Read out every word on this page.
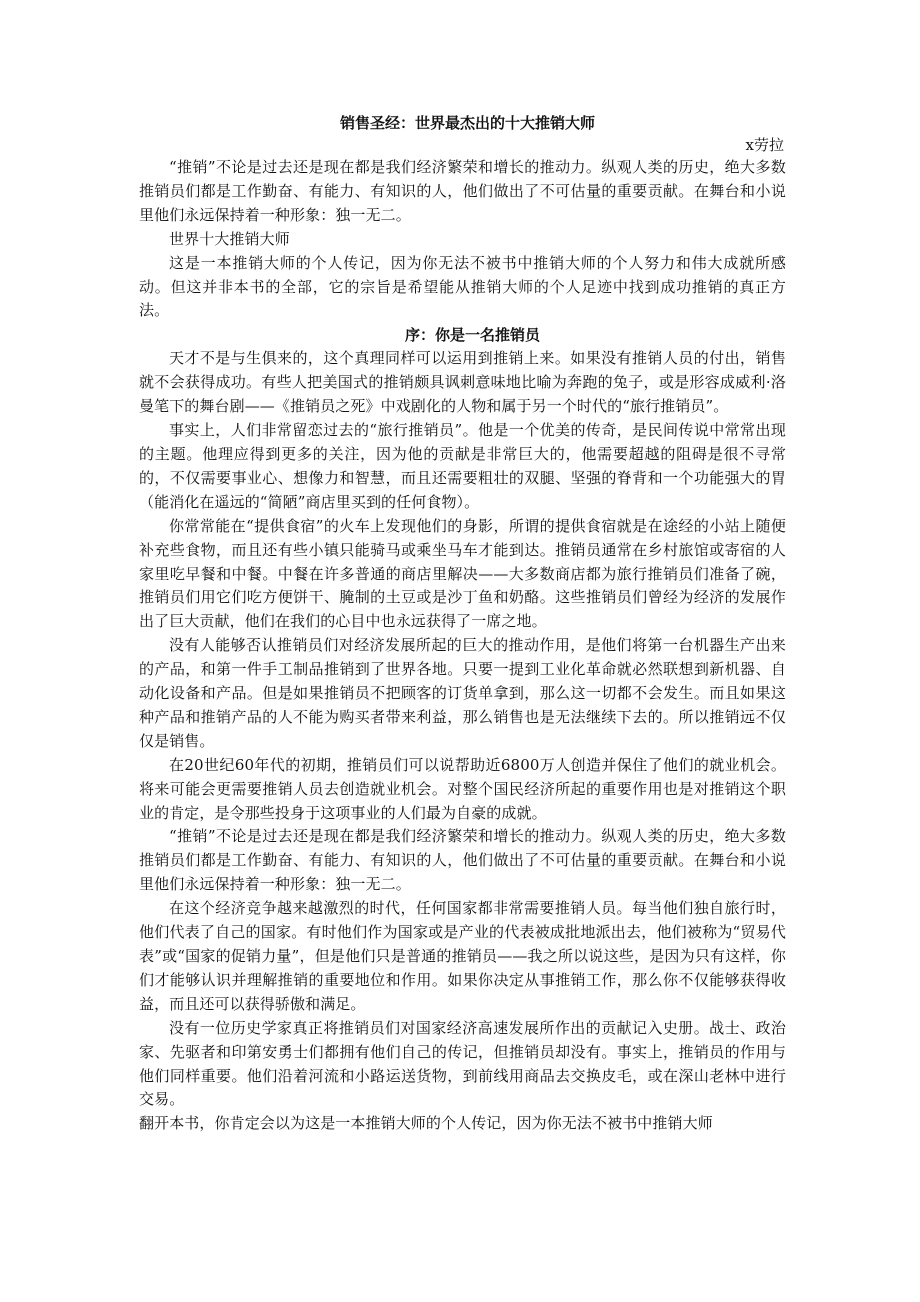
销售圣经：世界最杰出的十大推销大师

x劳拉

“推销”不论是过去还是现在都是我们经济繁荣和增长的推动力。纵观人类的历史，绝大多数推销员们都是工作勤奋、有能力、有知识的人，他们做出了不可估量的重要贡献。在舞台和小说里他们永远保持着一种形象：独一无二。

世界十大推销大师

这是一本推销大师的个人传记，因为你无法不被书中推销大师的个人努力和伟大成就所感动。但这并非本书的全部，它的宗旨是希望能从推销大师的个人足迹中找到成功推销的真正方法。

序：你是一名推销员

天才不是与生俱来的，这个真理同样可以运用到推销上来。如果没有推销人员的付出，销售就不会获得成功。有些人把美国式的推销颇具讽刺意味地比喻为奔跑的兔子，或是形容成威利·洛曼笔下的舞台剧——《推销员之死》中戏剧化的人物和属于另一个时代的“旅行推销员”。

事实上，人们非常留恋过去的“旅行推销员”。他是一个优美的传奇，是民间传说中常常出现的主题。他理应得到更多的关注，因为他的贡献是非常巨大的，他需要超越的阻碍是很不寻常的，不仅需要事业心、想像力和智慧，而且还需要粗壮的双腿、坚强的脊背和一个功能强大的胃（能消化在遥远的“简陋”商店里买到的任何食物）。

你常常能在“提供食宿”的火车上发现他们的身影，所谓的提供食宿就是在途经的小站上随便补充些食物，而且还有些小镇只能骑马或乘坐马车才能到达。推销员通常在乡村旅馆或寄宿的人家里吃早餐和中餐。中餐在许多普通的商店里解决——大多数商店都为旅行推销员们准备了碗，推销员们用它们吃方便饼干、腌制的土豆或是沙丁鱼和奶酪。这些推销员们曾经为经济的发展作出了巨大贡献，他们在我们的心目中也永远获得了一席之地。

没有人能够否认推销员们对经济发展所起的巨大的推动作用，是他们将第一台机器生产出来的产品，和第一件手工制品推销到了世界各地。只要一提到工业化革命就必然联想到新机器、自动化设备和产品。但是如果推销员不把顾客的订货单拿到，那么这一切都不会发生。而且如果这种产品和推销产品的人不能为购买者带来利益，那么销售也是无法继续下去的。所以推销远不仅仅是销售。

在20世纪60年代的初期，推销员们可以说帮助近6800万人创造并保住了他们的就业机会。将来可能会更需要推销人员去创造就业机会。对整个国民经济所起的重要作用也是对推销这个职业的肯定，是令那些投身于这项事业的人们最为自豪的成就。

“推销”不论是过去还是现在都是我们经济繁荣和增长的推动力。纵观人类的历史，绝大多数推销员们都是工作勤奋、有能力、有知识的人，他们做出了不可估量的重要贡献。在舞台和小说里他们永远保持着一种形象：独一无二。

在这个经济竞争越来越激烈的时代，任何国家都非常需要推销人员。每当他们独自旅行时，他们代表了自己的国家。有时他们作为国家或是产业的代表被成批地派出去，他们被称为“贸易代表”或“国家的促销力量”，但是他们只是普通的推销员——我之所以说这些，是因为只有这样，你们才能够认识并理解推销的重要地位和作用。如果你决定从事推销工作，那么你不仅能够获得收益，而且还可以获得骄傲和满足。

没有一位历史学家真正将推销员们对国家经济高速发展所作出的贡献记入史册。战士、政治家、先驱者和印第安勇士们都拥有他们自己的传记，但推销员却没有。事实上，推销员的作用与他们同样重要。他们沿着河流和小路运送货物，到前线用商品去交换皮毛，或在深山老林中进行交易。

翻开本书，你肯定会以为这是一本推销大师的个人传记，因为你无法不被书中推销大师
